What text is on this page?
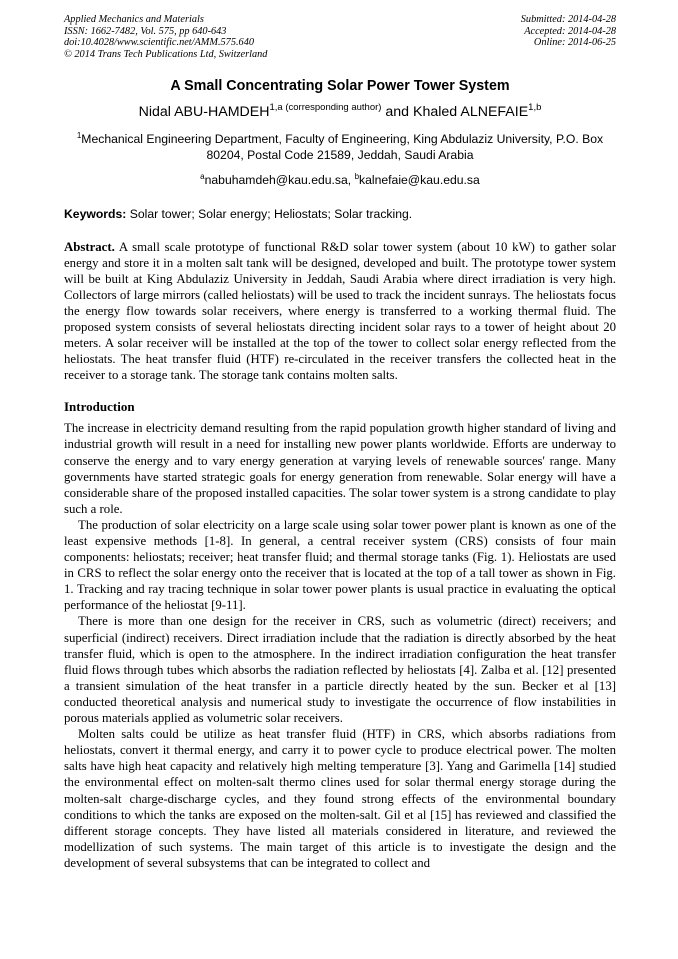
Applied Mechanics and Materials
ISSN: 1662-7482, Vol. 575, pp 640-643
doi:10.4028/www.scientific.net/AMM.575.640
© 2014 Trans Tech Publications Ltd, Switzerland
Submitted: 2014-04-28
Accepted: 2014-04-28
Online: 2014-06-25
A Small Concentrating Solar Power Tower System
Nidal ABU-$HAMDEH^{1,a (corresponding author)}$ and Khaled ALNEFAIE$^{1,b}$
$^1$Mechanical Engineering Department, Faculty of Engineering, King Abdulaziz University, P.O. Box 80204, Postal Code 21589, Jeddah, Saudi Arabia
$^a$nabuhamdeh@kau.edu.sa, $^b$kalnefaie@kau.edu.sa
Keywords: Solar tower; Solar energy; Heliostats; Solar tracking.

Abstract. A small scale prototype of functional R&D solar tower system (about 10 kW) to gather solar energy and store it in a molten salt tank will be designed, developed and built. The prototype tower system will be built at King Abdulaziz University in Jeddah, Saudi Arabia where direct irradiation is very high. Collectors of large mirrors (called heliostats) will be used to track the incident sunrays. The heliostats focus the energy flow towards solar receivers, where energy is transferred to a working thermal fluid. The proposed system consists of several heliostats directing incident solar rays to a tower of height about 20 meters. A solar receiver will be installed at the top of the tower to collect solar energy reflected from the heliostats. The heat transfer fluid (HTF) re-circulated in the receiver transfers the collected heat in the receiver to a storage tank. The storage tank contains molten salts.

Introduction

The increase in electricity demand resulting from the rapid population growth higher standard of living and industrial growth will result in a need for installing new power plants worldwide. Efforts are underway to conserve the energy and to vary energy generation at varying levels of renewable sources' range. Many governments have started strategic goals for energy generation from renewable. Solar energy will have a considerable share of the proposed installed capacities. The solar tower system is a strong candidate to play such a role.

The production of solar electricity on a large scale using solar tower power plant is known as one of the least expensive methods [1-8]. In general, a central receiver system (CRS) consists of four main components: heliostats; receiver; heat transfer fluid; and thermal storage tanks (Fig. 1). Heliostats are used in CRS to reflect the solar energy onto the receiver that is located at the top of a tall tower as shown in Fig. 1. Tracking and ray tracing technique in solar tower power plants is usual practice in evaluating the optical performance of the heliostat [9-11].

There is more than one design for the receiver in CRS, such as volumetric (direct) receivers; and superficial (indirect) receivers. Direct irradiation include that the radiation is directly absorbed by the heat transfer fluid, which is open to the atmosphere. In the indirect irradiation configuration the heat transfer fluid flows through tubes which absorbs the radiation reflected by heliostats [4]. Zalba et al. [12] presented a transient simulation of the heat transfer in a particle directly heated by the sun. Becker et al [13] conducted theoretical analysis and numerical study to investigate the occurrence of flow instabilities in porous materials applied as volumetric solar receivers.

Molten salts could be utilize as heat transfer fluid (HTF) in CRS, which absorbs radiations from heliostats, convert it thermal energy, and carry it to power cycle to produce electrical power. The molten salts have high heat capacity and relatively high melting temperature [3]. Yang and Garimella [14] studied the environmental effect on molten-salt thermo clines used for solar thermal energy storage during the molten-salt charge-discharge cycles, and they found strong effects of the environmental boundary conditions to which the tanks are exposed on the molten-salt. Gil et al [15] has reviewed and classified the different storage concepts. They have listed all materials considered in literature, and reviewed the modellization of such systems. The main target of this article is to investigate the design and the development of several subsystems that can be integrated to collect and
